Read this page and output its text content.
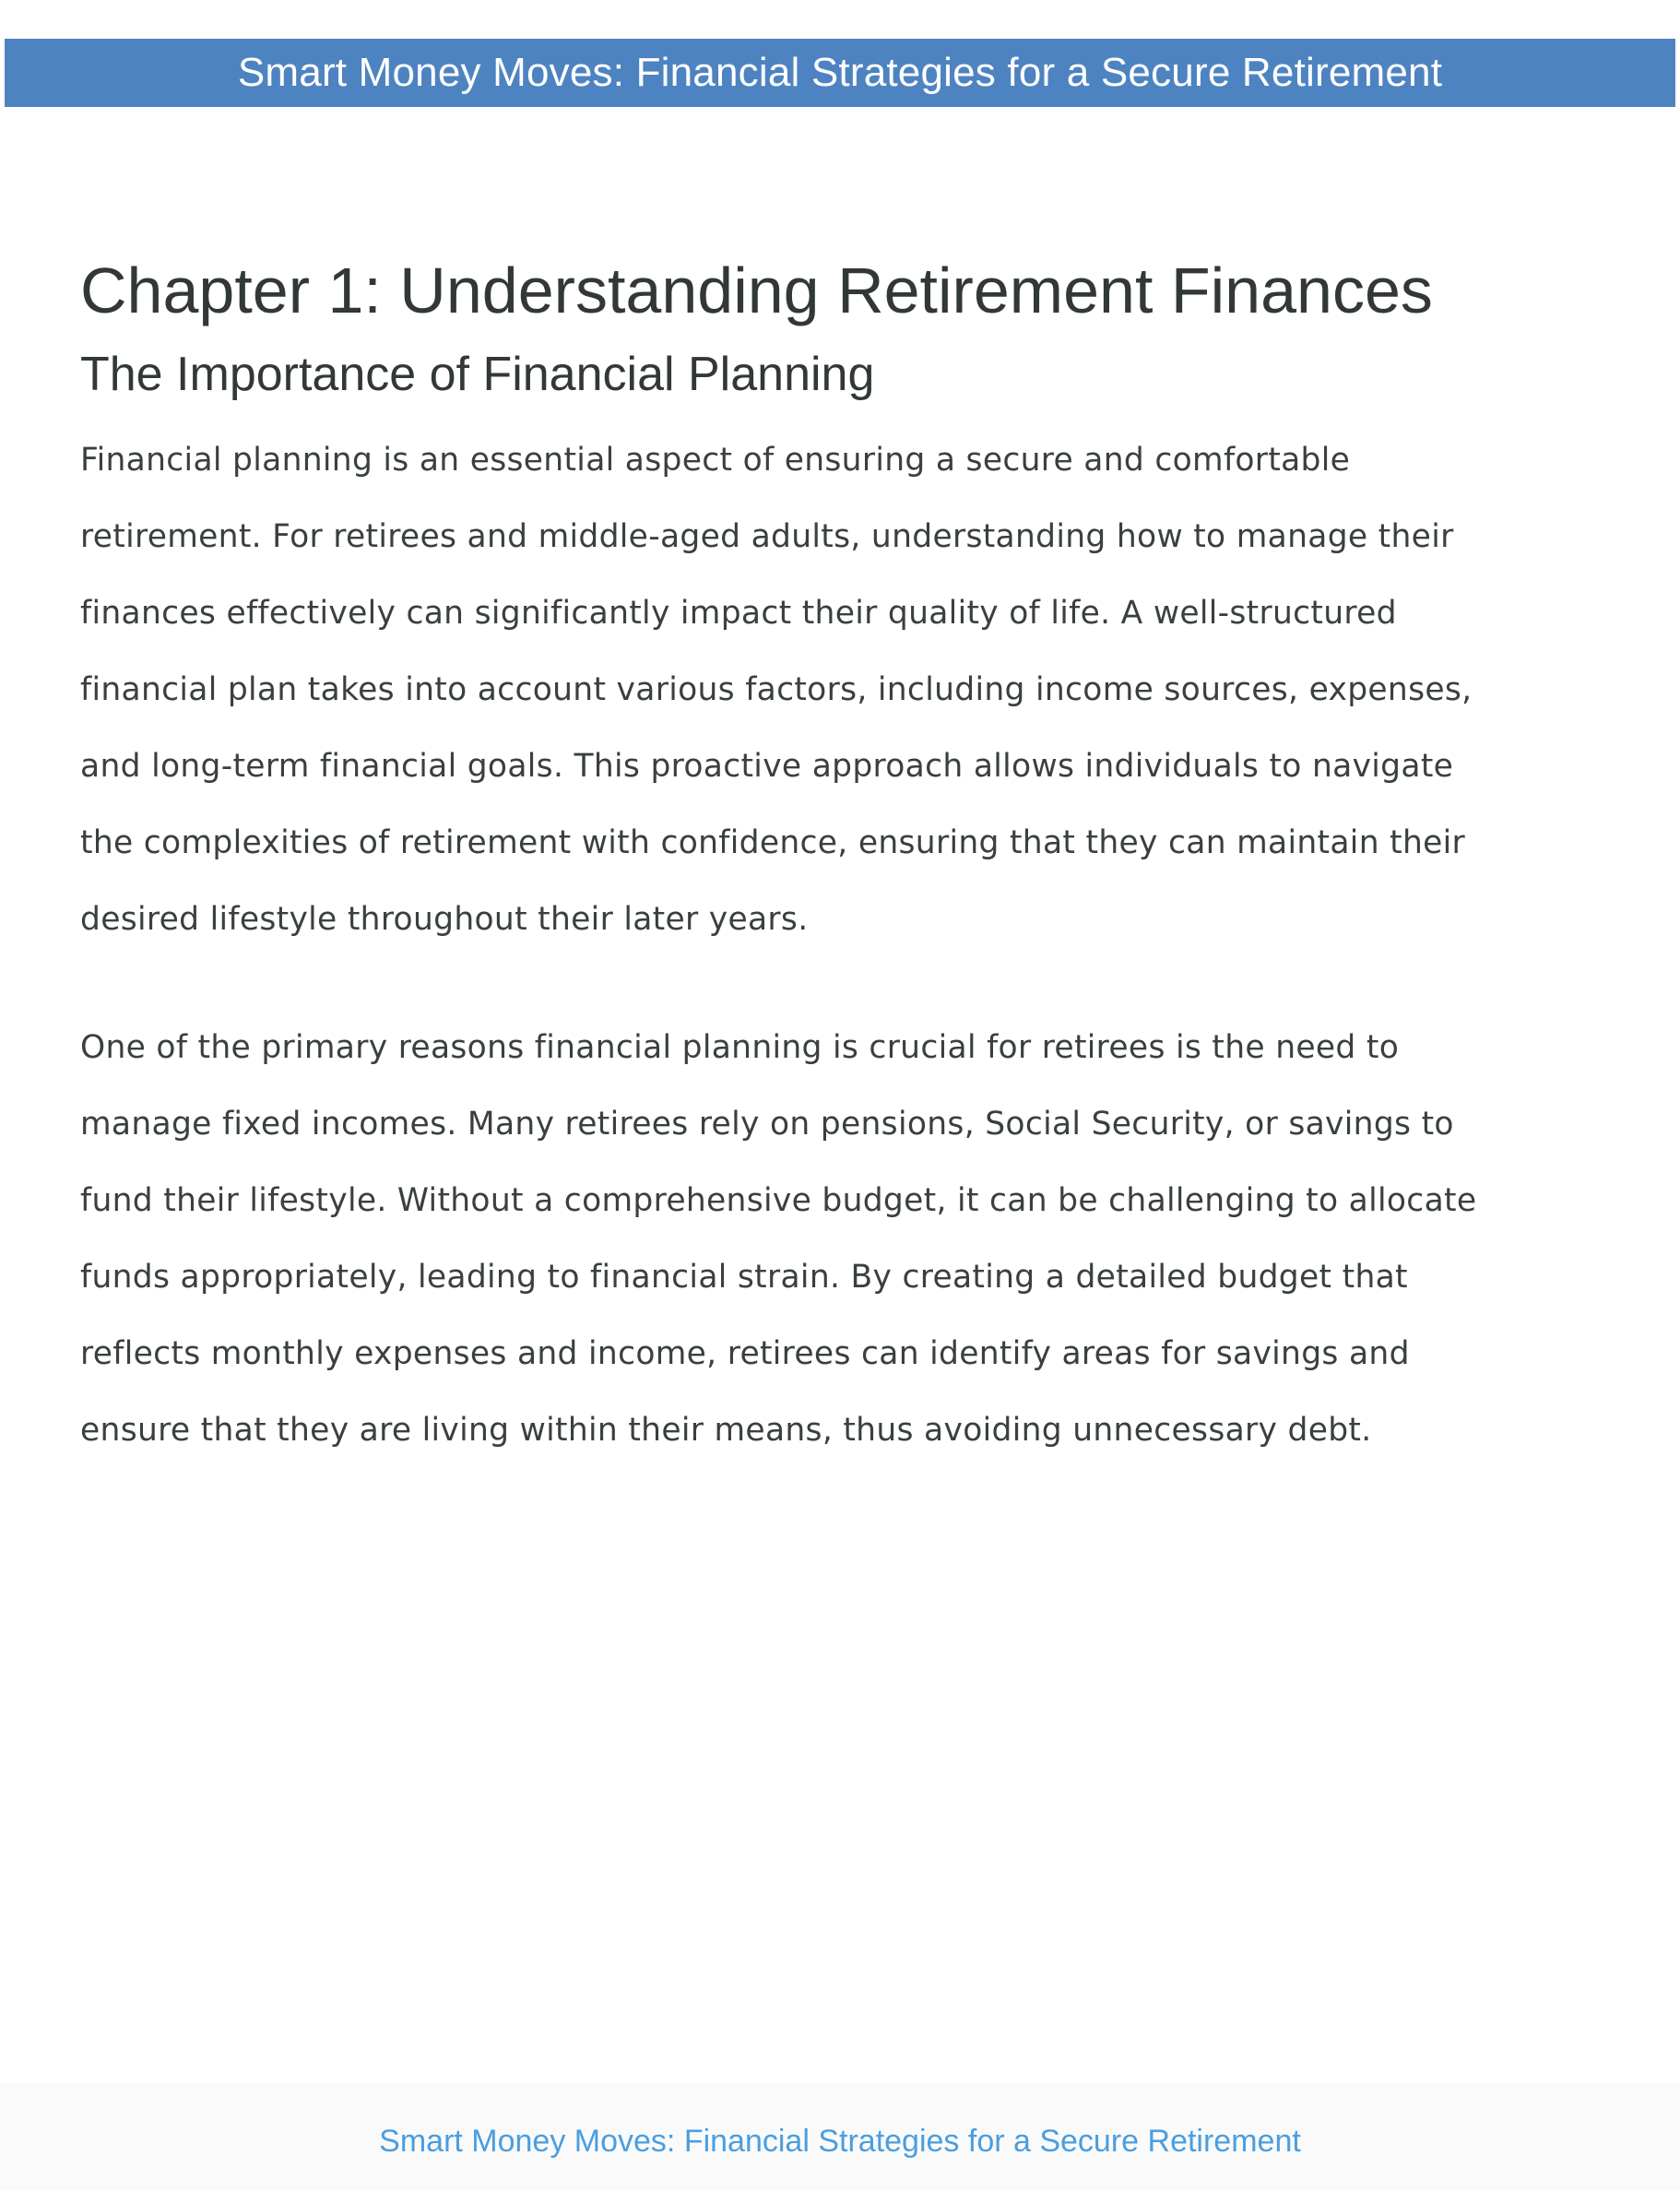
Smart Money Moves: Financial Strategies for a Secure Retirement
Chapter 1: Understanding Retirement Finances
The Importance of Financial Planning

Financial planning is an essential aspect of ensuring a secure and comfortable
retirement. For retirees and middle-aged adults, understanding how to manage their
finances effectively can significantly impact their quality of life. A well-structured
financial plan takes into account various factors, including income sources, expenses,
and long-term financial goals. This proactive approach allows individuals to navigate
the complexities of retirement with confidence, ensuring that they can maintain their
desired lifestyle throughout their later years.

One of the primary reasons financial planning is crucial for retirees is the need to
manage fixed incomes. Many retirees rely on pensions, Social Security, or savings to
fund their lifestyle. Without a comprehensive budget, it can be challenging to allocate
funds appropriately, leading to financial strain. By creating a detailed budget that
reflects monthly expenses and income, retirees can identify areas for savings and
ensure that they are living within their means, thus avoiding unnecessary debt.

Smart Money Moves: Financial Strategies for a Secure Retirement
